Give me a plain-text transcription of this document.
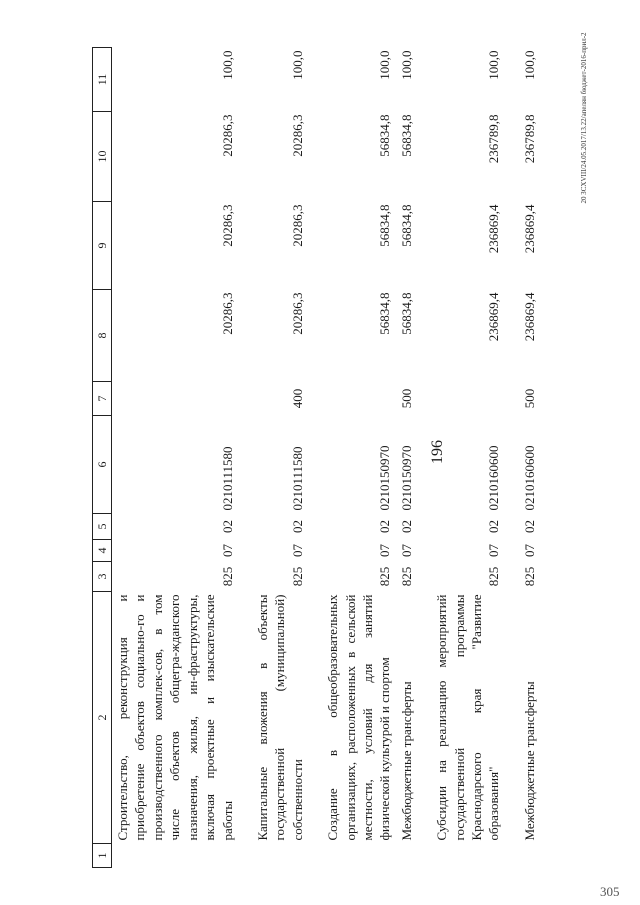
196
20 ЗСXVIII/24.05.2017/13.22/апелян бюджет-2016-прил-2
305
1	2	3	4	5	6	7	8	9	10	11
	Строительство, реконструкция и приобретение объектов социально-го и производственного комплек-сов, в том числе объектов общегра-жданского назначения, жилья, ин-фраструктуры, включая проектные и изыскательские работы	825	07	02	0210111580		20286,3	20286,3	20286,3	100,0

	Капитальные вложения в объекты государственной (муниципальной) собственности	825	07	02	0210111580	400	20286,3	20286,3	20286,3	100,0

	Создание в общеобразовательных организациях, расположенных в сельской местности, условий для занятий физической культурой и спортом	825	07	02	0210150970		56834,8	56834,8	56834,8	100,0
	Межбюджетные трансферты	825	07	02	0210150970	500	56834,8	56834,8	56834,8	100,0

	Субсидии на реализацию мероприятий государственной программы Краснодарского края "Развитие образования"	825	07	02	0210160600		236869,4	236869,4	236789,8	100,0

	Межбюджетные трансферты	825	07	02	0210160600	500	236869,4	236869,4	236789,8	100,0
